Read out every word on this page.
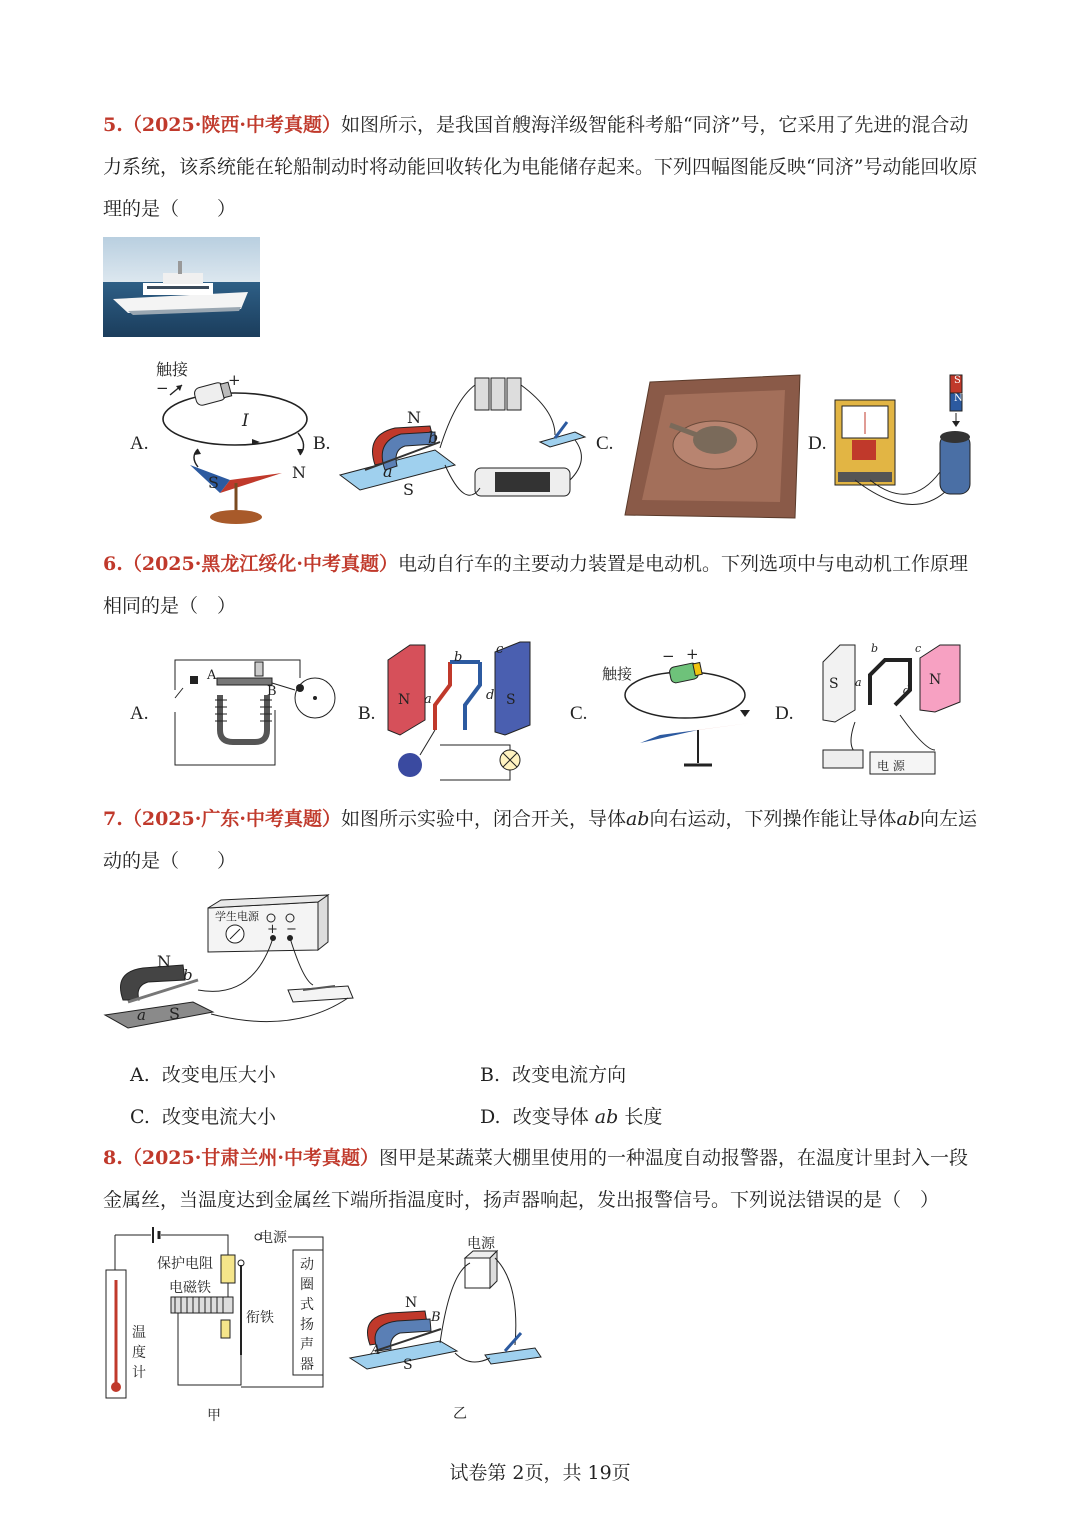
5.（2025·陕西·中考真题）如图所示，是我国首艘海洋级智能科考船“同济”号，它采用了先进的混合动力系统，该系统能在轮船制动时将动能回收转化为电能储存起来。下列四幅图能反映“同济”号动能回收原理的是（　　）
A.
触接
−	+
I
S
N
B.
N
S
a
b	C.	D.
S
N
6.（2025·黑龙江绥化·中考真题）电动自行车的主要动力装置是电动机。下列选项中与电动机工作原理相同的是（　）
A.
A
B
B.
N	S
a
b
c
d
C.
触接
− +
D.
S	N
a
b	c
d
电 源
7.（2025·广东·中考真题）如图所示实验中，闭合开关，导体ab向右运动，下列操作能让导体ab向左运动的是（　　）
学生电源
+ −
N
S
b
a
A. 改变电压大小	B. 改变电流方向
C. 改变电流大小	D. 改变导体 ab 长度
8.（2025·甘肃兰州·中考真题）图甲是某蔬菜大棚里使用的一种温度自动报警器，在温度计里封入一段金属丝，当温度达到金属丝下端所指温度时，扬声器响起，发出报警信号。下列说法错误的是（　）
电源
保护电阻
电磁铁
衔铁
温度计
动圈式扬声器
甲
电源
N
S
A
B
乙
试卷第 2页，共 19页
